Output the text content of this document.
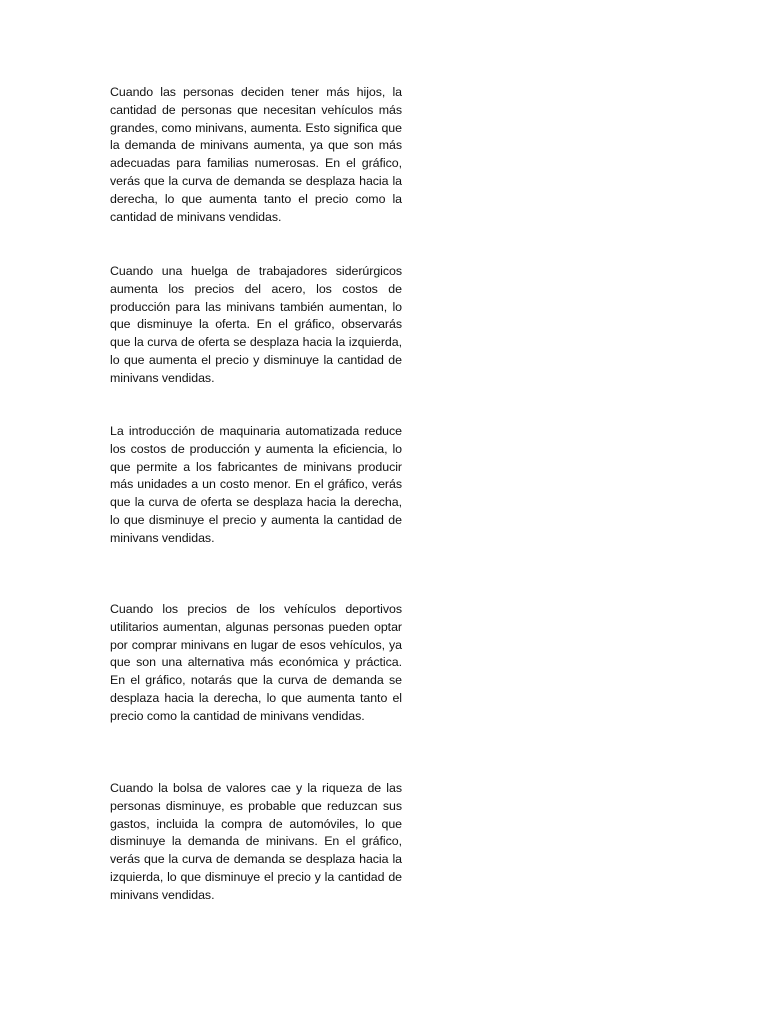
Cuando las personas deciden tener más hijos, la cantidad de personas que necesitan vehículos más grandes, como minivans, aumenta. Esto significa que la demanda de minivans aumenta, ya que son más adecuadas para familias numerosas. En el gráfico, verás que la curva de demanda se desplaza hacia la derecha, lo que aumenta tanto el precio como la cantidad de minivans vendidas.

Cuando una huelga de trabajadores siderúrgicos aumenta los precios del acero, los costos de producción para las minivans también aumentan, lo que disminuye la oferta. En el gráfico, observarás que la curva de oferta se desplaza hacia la izquierda, lo que aumenta el precio y disminuye la cantidad de minivans vendidas.

La introducción de maquinaria automatizada reduce los costos de producción y aumenta la eficiencia, lo que permite a los fabricantes de minivans producir más unidades a un costo menor. En el gráfico, verás que la curva de oferta se desplaza hacia la derecha, lo que disminuye el precio y aumenta la cantidad de minivans vendidas.

Cuando los precios de los vehículos deportivos utilitarios aumentan, algunas personas pueden optar por comprar minivans en lugar de esos vehículos, ya que son una alternativa más económica y práctica. En el gráfico, notarás que la curva de demanda se desplaza hacia la derecha, lo que aumenta tanto el precio como la cantidad de minivans vendidas.

Cuando la bolsa de valores cae y la riqueza de las personas disminuye, es probable que reduzcan sus gastos, incluida la compra de automóviles, lo que disminuye la demanda de minivans. En el gráfico, verás que la curva de demanda se desplaza hacia la izquierda, lo que disminuye el precio y la cantidad de minivans vendidas.
